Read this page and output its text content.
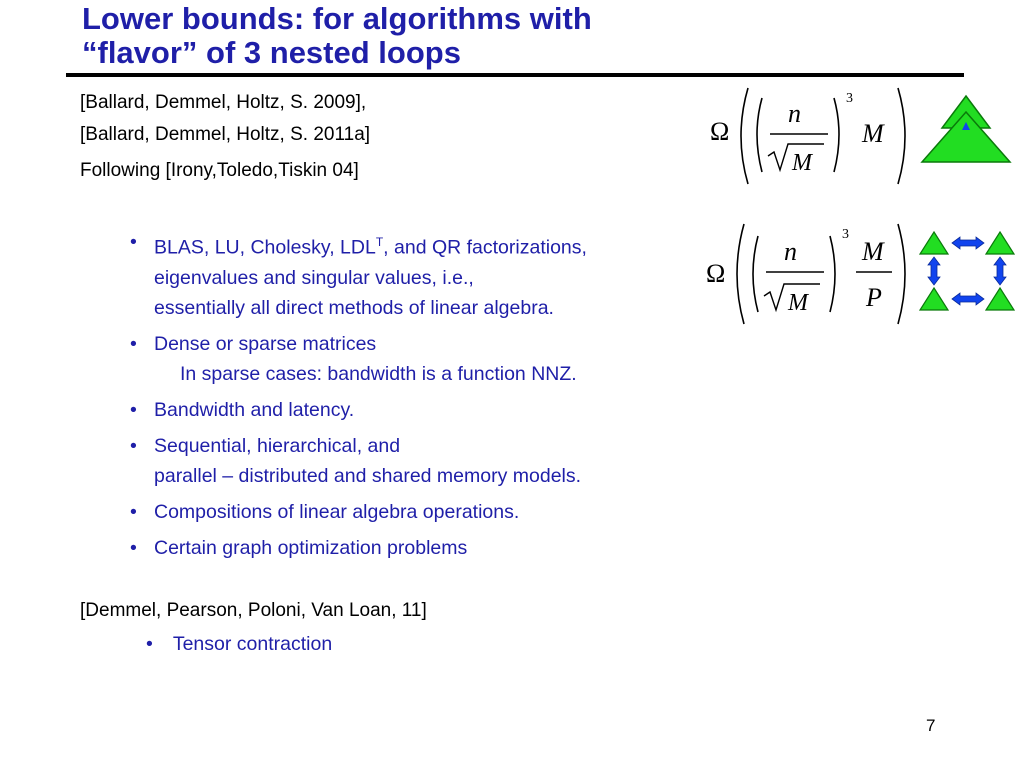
Lower bounds: for algorithms with
“flavor” of 3 nested loops
[Ballard, Demmel, Holtz, S. 2009],
[Ballard, Demmel, Holtz, S. 2011a]
Following [Irony,Toledo,Tiskin 04]
Ω
n
M
3
M
Ω
n
M
3
M
P
• BLAS, LU, Cholesky, $LDL^T$, and QR factorizations,
eigenvalues and singular values, i.e.,
essentially all direct methods of linear algebra.
• Dense or sparse matrices
In sparse cases: bandwidth is a function NNZ.
• Bandwidth and latency.
• Sequential, hierarchical, and
parallel – distributed and shared memory models.
• Compositions of linear algebra operations.
• Certain graph optimization problems
[Demmel, Pearson, Poloni, Van Loan, 11]
• Tensor contraction
7
